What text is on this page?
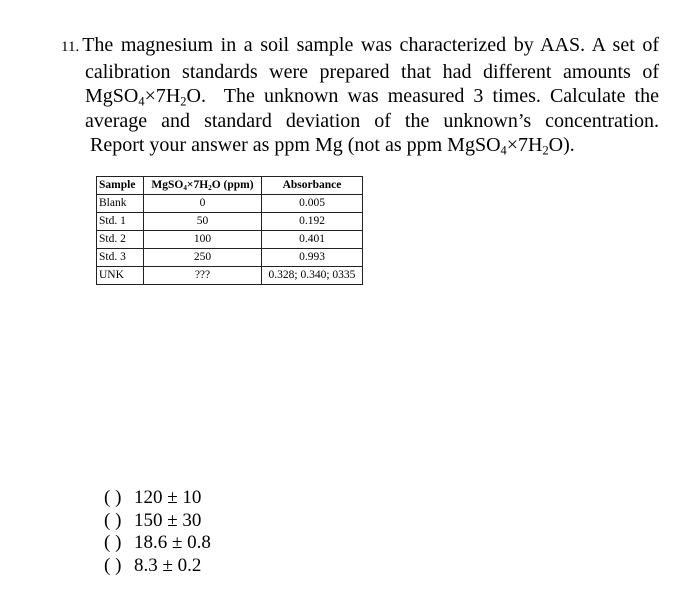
11. The magnesium in a soil sample was characterized by AAS. A set of
calibration standards were prepared that had different amounts of
$MgSO_4\times 7H_2O$. The unknown was measured 3 times. Calculate the
average and standard deviation of the unknown’s concentration.
Report your answer as ppm Mg (not as ppm $MgSO_4\times 7H_2O$).
Sample	$MgSO_4\times 7H_2O$ (ppm)	Absorbance
Blank	0	0.005
Std. 1	50	0.192
Std. 2	100	0.401
Std. 3	250	0.993
UNK	???	0.328; 0.340; 0335
( ) 120 ± 10
( ) 150 ± 30
( ) 18.6 ± 0.8
( ) 8.3 ± 0.2
